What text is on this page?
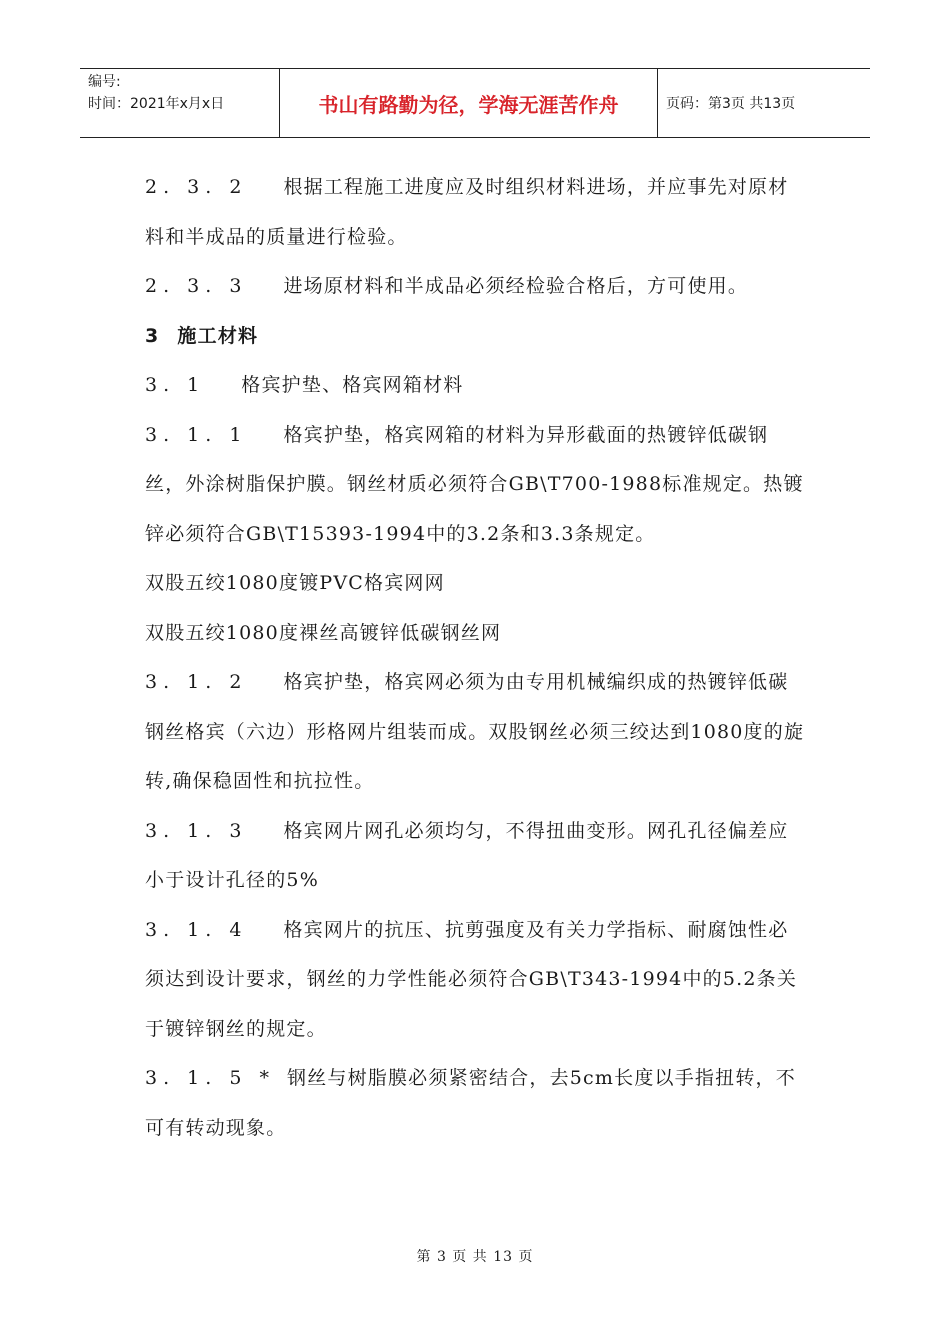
编号:
时间：2021年x月x日	书山有路勤为径，学海无涯苦作舟	页码：第3页 共13页

2. 3. 2 根据工程施工进度应及时组织材料进场，并应事先对原材料和半成品的质量进行检验。

2. 3. 3 进场原材料和半成品必须经检验合格后，方可使用。

3 施工材料

3. 1 格宾护垫、格宾网箱材料

3. 1. 1 格宾护垫，格宾网箱的材料为异形截面的热镀锌低碳钢丝，外涂树脂保护膜。钢丝材质必须符合GB\T700-1988标准规定。热镀锌必须符合GB\T15393-1994中的3.2条和3.3条规定。

双股五绞1080度镀PVC格宾网网

双股五绞1080度裸丝高镀锌低碳钢丝网

3. 1. 2 格宾护垫，格宾网必须为由专用机械编织成的热镀锌低碳钢丝格宾（六边）形格网片组装而成。双股钢丝必须三绞达到1080度的旋转,确保稳固性和抗拉性。

3. 1. 3 格宾网片网孔必须均匀，不得扭曲变形。网孔孔径偏差应小于设计孔径的5%

3. 1. 4 格宾网片的抗压、抗剪强度及有关力学指标、耐腐蚀性必须达到设计要求，钢丝的力学性能必须符合GB\T343-1994中的5.2条关于镀锌钢丝的规定。

3. 1. 5 * 钢丝与树脂膜必须紧密结合，去5cm长度以手指扭转，不可有转动现象。

第 3 页 共 13 页
